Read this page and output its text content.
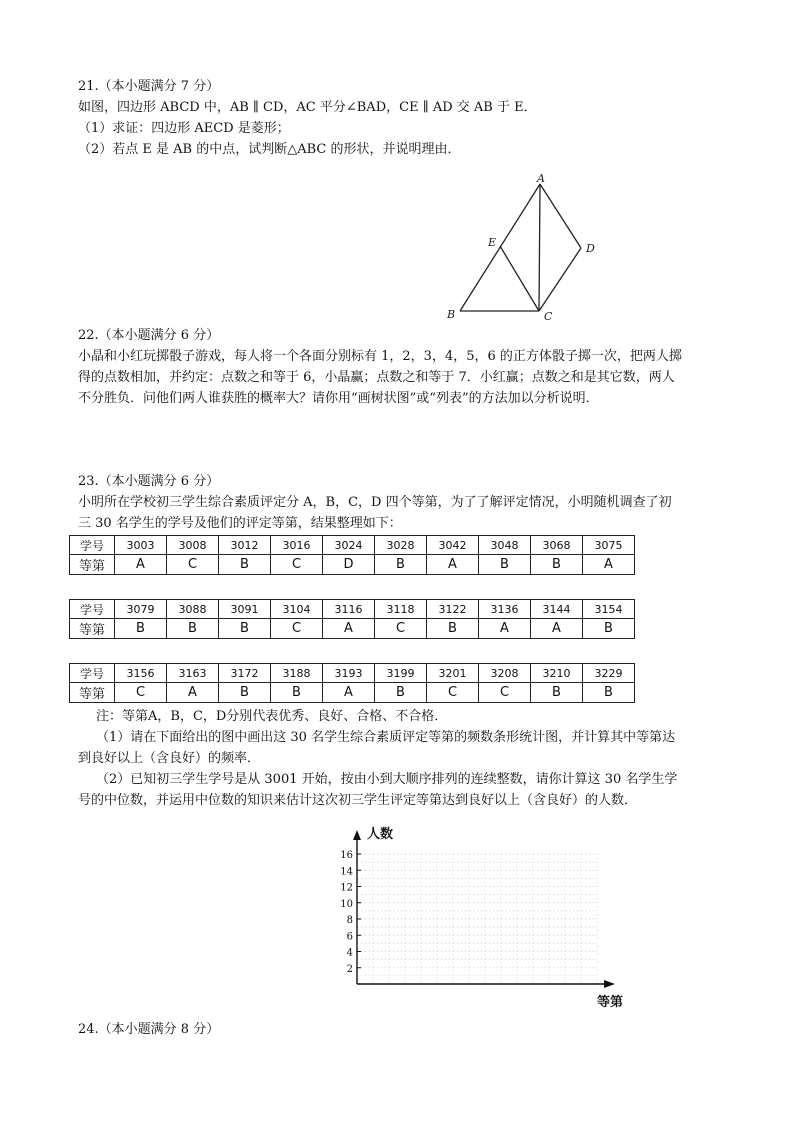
21.（本小题满分 7 分）
如图，四边形 ABCD 中，AB ∥ CD，AC 平分∠BAD，CE ∥ AD 交 AB 于 E．
（1）求证：四边形 AECD 是菱形；
（2）若点 E 是 AB 的中点，试判断△ABC 的形状，并说明理由．
A
B	C
D
E
22.（本小题满分 6 分）
小晶和小红玩掷骰子游戏，每人将一个各面分别标有 1，2，3，4，5，6 的正方体骰子掷一次，把两人掷
得的点数相加，并约定：点数之和等于 6，小晶赢；点数之和等于 7．小红赢；点数之和是其它数，两人
不分胜负．问他们两人谁获胜的概率大？请你用“画树状图”或“列表”的方法加以分析说明．
23.（本小题满分 6 分）
小明所在学校初三学生综合素质评定分 A，B，C，D 四个等第，为了了解评定情况，小明随机调查了初
三 30 名学生的学号及他们的评定等第，结果整理如下：
学号	3003	3008	3012	3016	3024	3028	3042	3048	3068	3075
等第	A	C	B	C	D	B	A	B	B	A
学号	3079	3088	3091	3104	3116	3118	3122	3136	3144	3154
等第	B	B	B	C	A	C	B	A	A	B
学号	3156	3163	3172	3188	3193	3199	3201	3208	3210	3229
等第	C	A	B	B	A	B	C	C	B	B
注：等第A，B，C，D分别代表优秀、良好、合格、不合格．
（1）请在下面给出的图中画出这 30 名学生综合素质评定等第的频数条形统计图，并计算其中等第达
到良好以上（含良好）的频率．
（2）已知初三学生学号是从 3001 开始，按由小到大顺序排列的连续整数，请你计算这 30 名学生学
号的中位数，并运用中位数的知识来估计这次初三学生评定等第达到良好以上（含良好）的人数．
2
4
6
8
10
12
14
16
人数
等第
24.（本小题满分 8 分）
